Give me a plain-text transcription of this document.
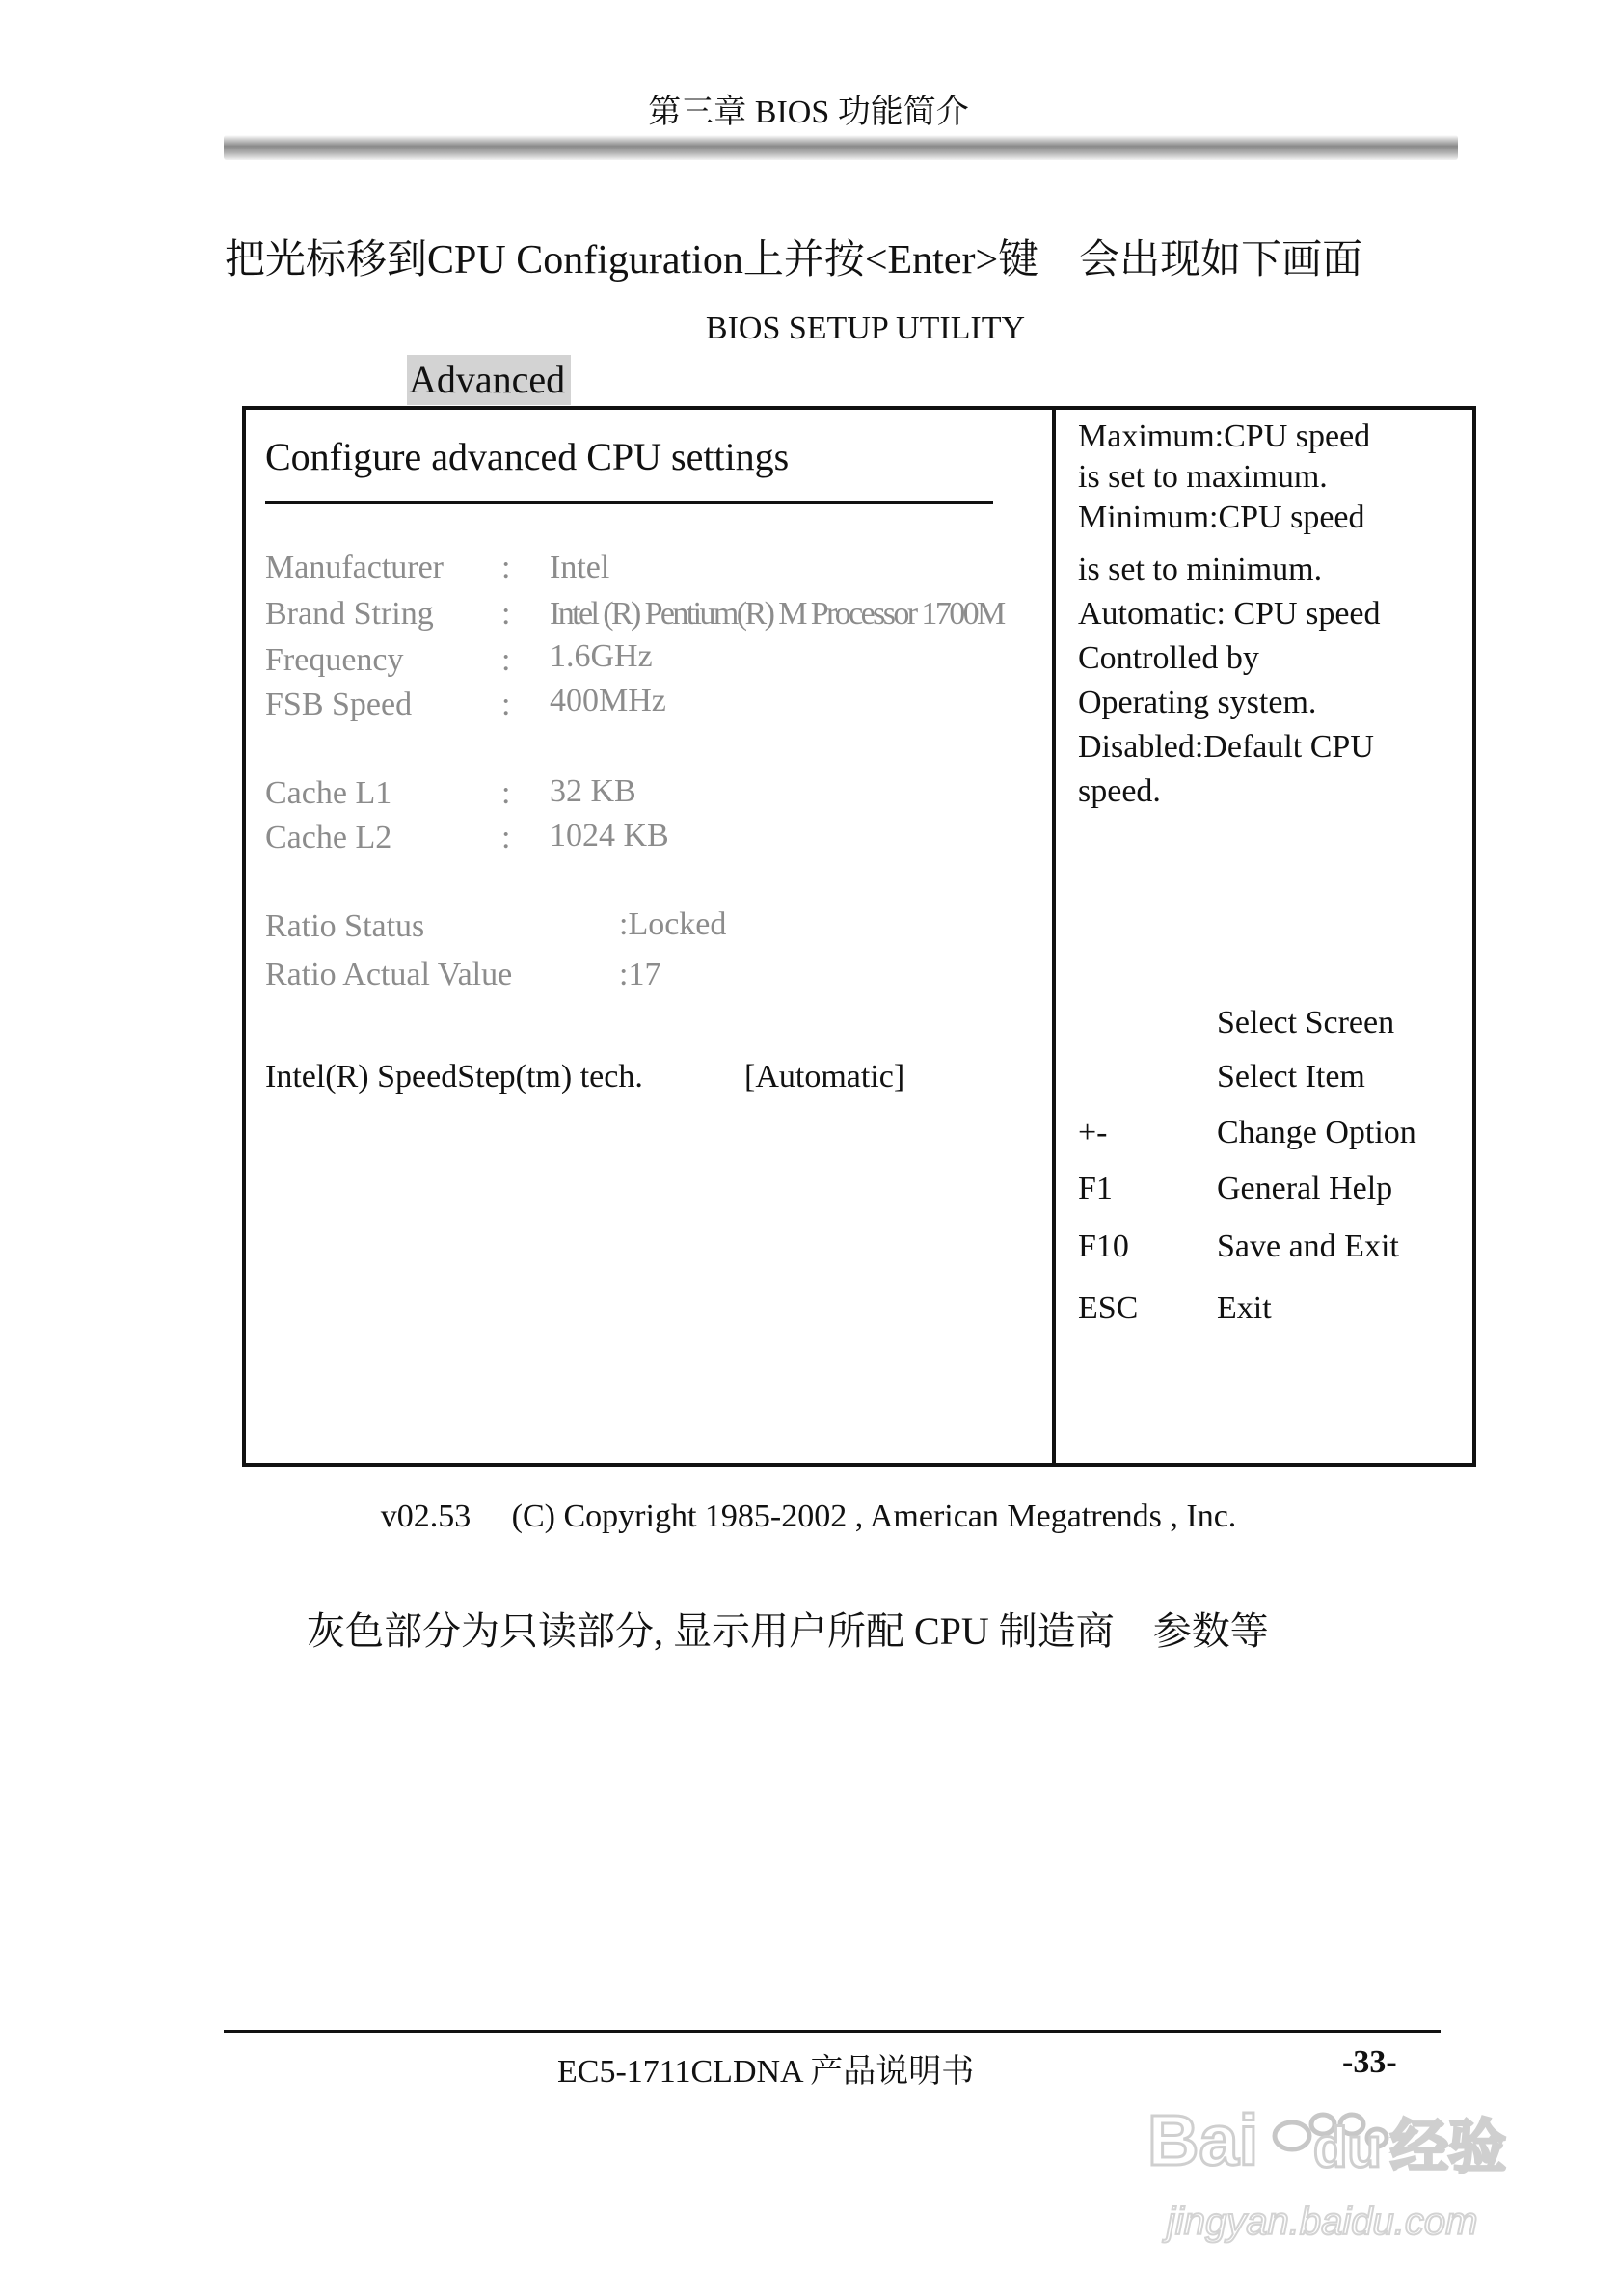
第三章 BIOS 功能简介
把光标移到CPU Configuration上并按<Enter>键　会出现如下画面
BIOS SETUP UTILITY
Advanced
Configure advanced CPU settings
Manufacturer : Intel
Brand String : Intel (R) Pentium(R) M Processor 1700M
Frequency	: 1.6GHz
FSB Speed	: 400MHz
Cache L1	: 32 KB
Cache L2	: 1024 KB
Ratio Status	:Locked
Ratio Actual Value	:17
Intel(R) SpeedStep(tm) tech.	[Automatic]
Maximum:CPU speed
is set to maximum.
Minimum:CPU speed
is set to minimum.
Automatic: CPU speed
Controlled by
Operating system.
Disabled:Default CPU
speed.
Select Screen
Select Item
+-	Change Option
F1	General Help
F10	Save and Exit
ESC Exit
v02.53　 (C) Copyright 1985-2002 , American Megatrends , Inc.
灰色部分为只读部分, 显示用户所配 CPU 制造商　参数等
EC5-1711CLDNA 产品说明书	-33-
Bai du 经验
jingyan.baidu.com
